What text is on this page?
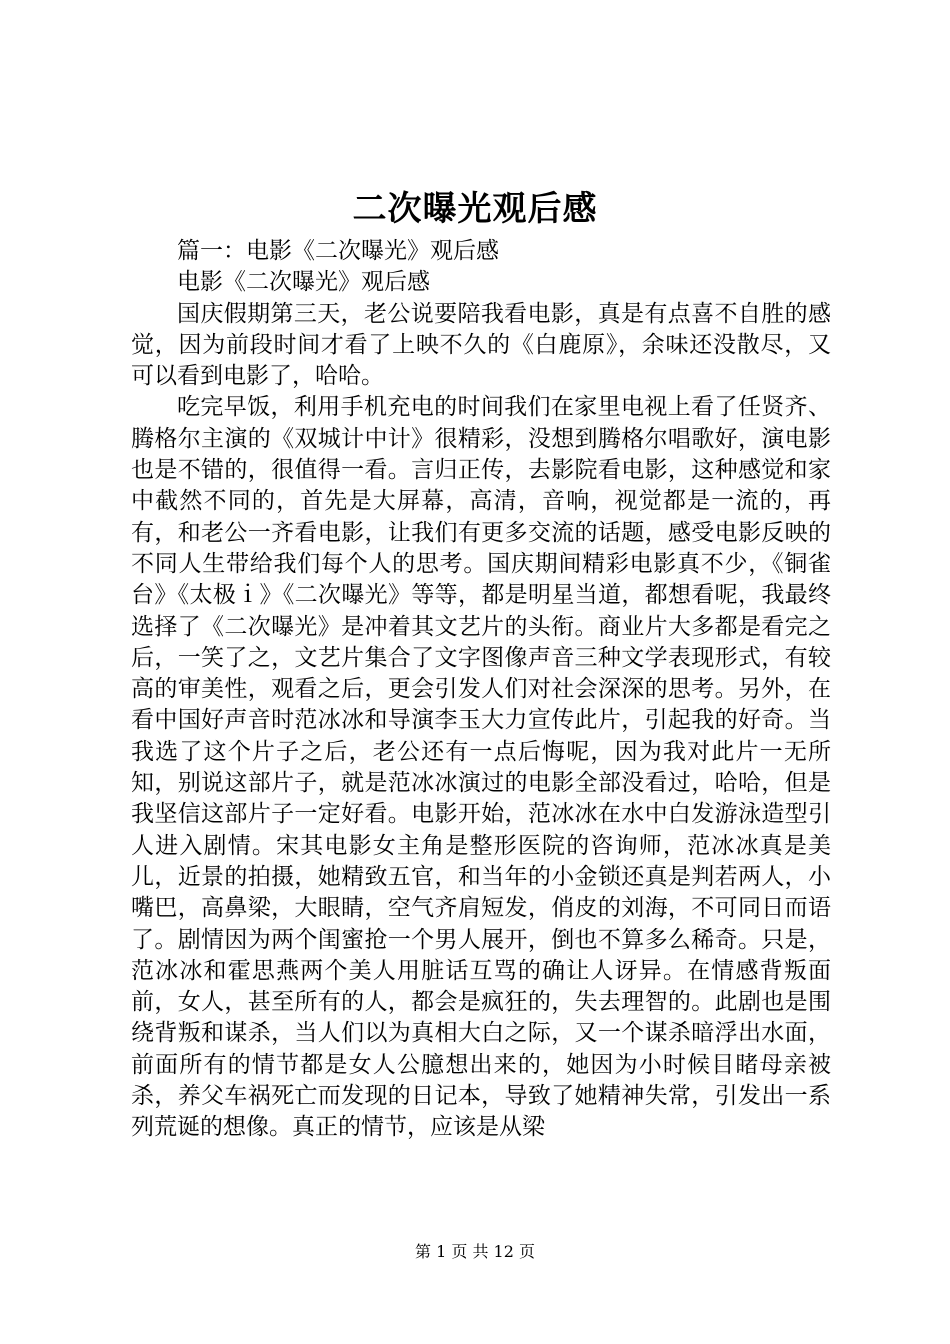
二次曝光观后感

篇一：电影《二次曝光》观后感

电影《二次曝光》观后感

国庆假期第三天，老公说要陪我看电影，真是有点喜不自胜的感觉，因为前段时间才看了上映不久的《白鹿原》，余味还没散尽，又可以看到电影了，哈哈。

吃完早饭，利用手机充电的时间我们在家里电视上看了任贤齐、腾格尔主演的《双城计中计》很精彩，没想到腾格尔唱歌好，演电影也是不错的，很值得一看。言归正传，去影院看电影，这种感觉和家中截然不同的，首先是大屏幕，高清，音响，视觉都是一流的，再有，和老公一齐看电影，让我们有更多交流的话题，感受电影反映的不同人生带给我们每个人的思考。国庆期间精彩电影真不少，《铜雀台》《太极ｉ》《二次曝光》等等，都是明星当道，都想看呢，我最终选择了《二次曝光》是冲着其文艺片的头衔。商业片大多都是看完之后，一笑了之，文艺片集合了文字图像声音三种文学表现形式，有较高的审美性，观看之后，更会引发人们对社会深深的思考。另外，在看中国好声音时范冰冰和导演李玉大力宣传此片，引起我的好奇。当我选了这个片子之后，老公还有一点后悔呢，因为我对此片一无所知，别说这部片子，就是范冰冰演过的电影全部没看过，哈哈，但是我坚信这部片子一定好看。电影开始，范冰冰在水中白发游泳造型引人进入剧情。宋其电影女主角是整形医院的咨询师，范冰冰真是美儿，近景的拍摄，她精致五官，和当年的小金锁还真是判若两人，小嘴巴，高鼻梁，大眼睛，空气齐肩短发，俏皮的刘海，不可同日而语了。剧情因为两个闺蜜抢一个男人展开，倒也不算多么稀奇。只是，范冰冰和霍思燕两个美人用脏话互骂的确让人讶异。在情感背叛面前，女人，甚至所有的人，都会是疯狂的，失去理智的。此剧也是围绕背叛和谋杀，当人们以为真相大白之际，又一个谋杀暗浮出水面，前面所有的情节都是女人公臆想出来的，她因为小时候目睹母亲被杀，养父车祸死亡而发现的日记本，导致了她精神失常，引发出一系列荒诞的想像。真正的情节，应该是从梁

第 1 页 共 12 页
